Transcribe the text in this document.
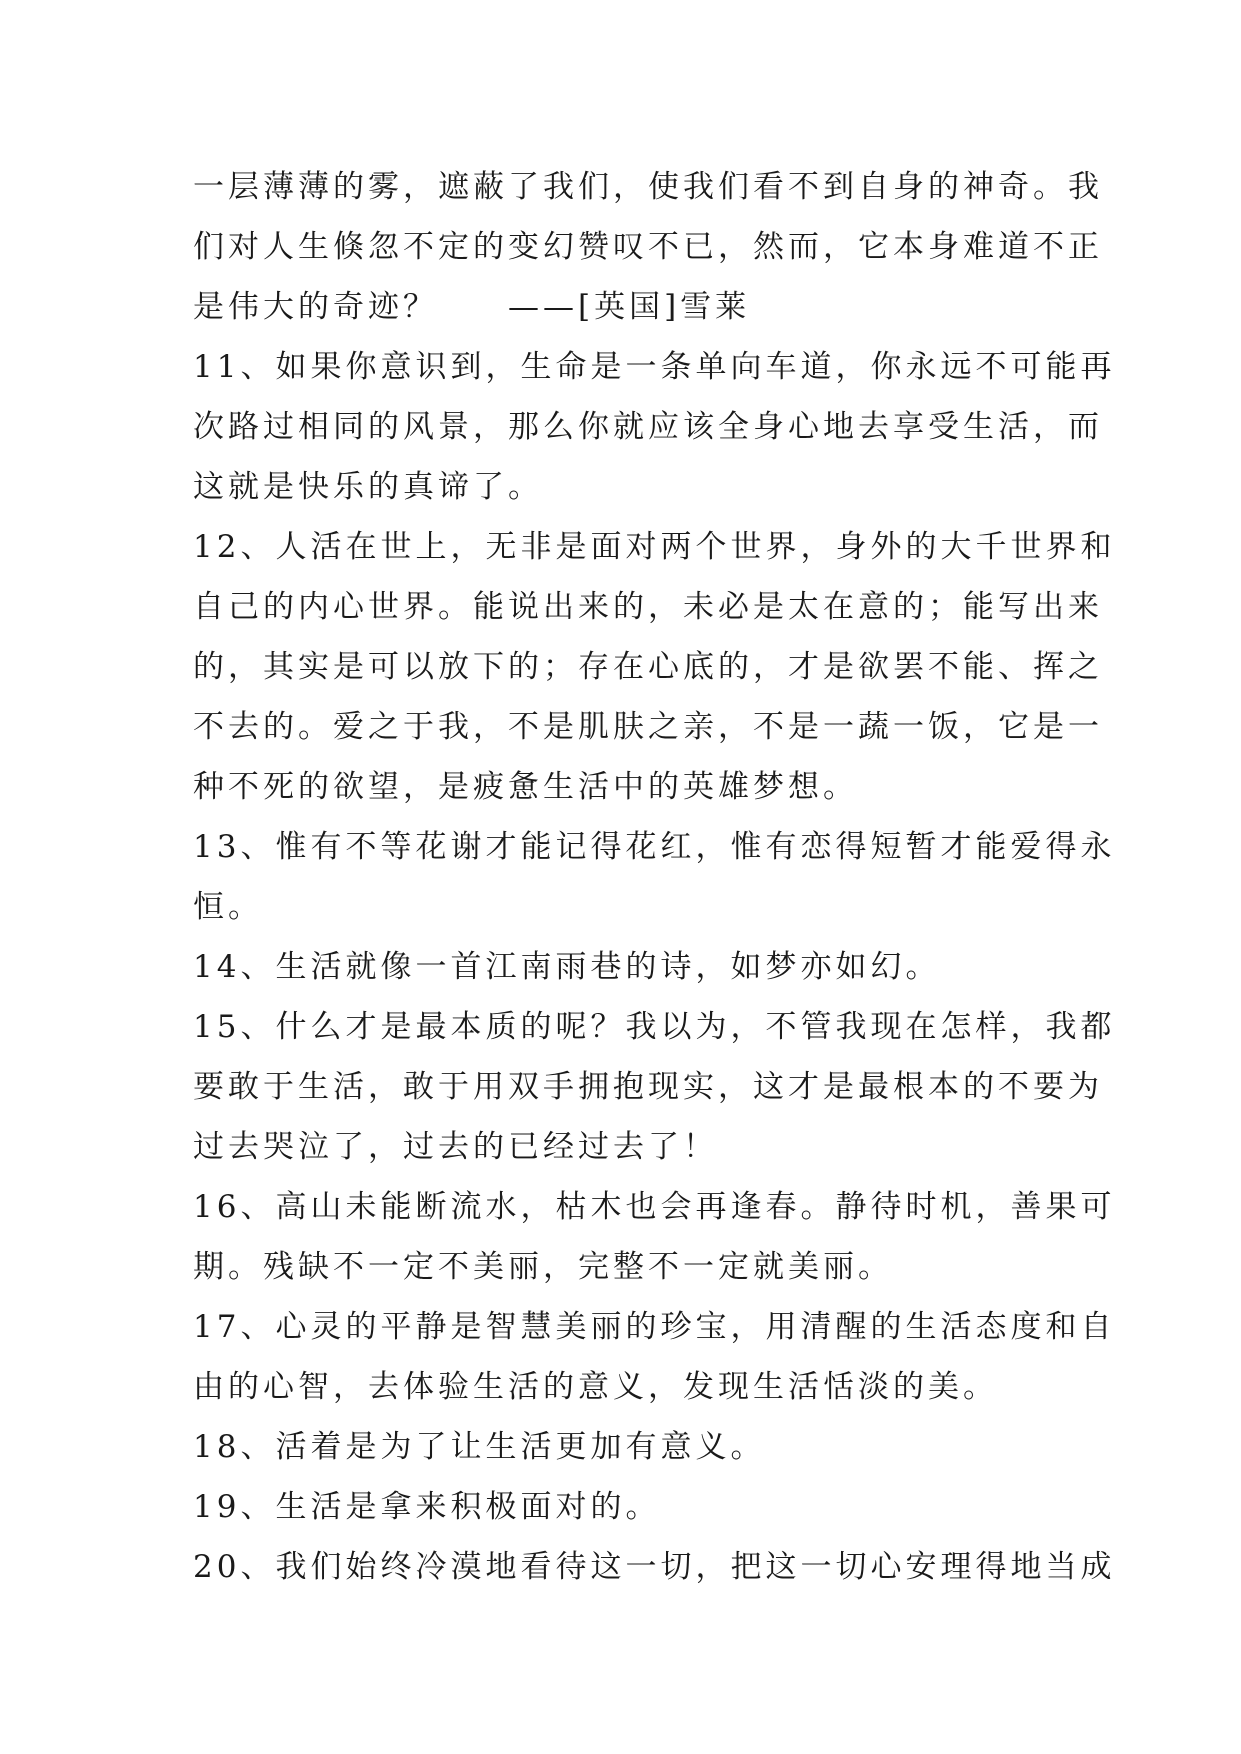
一层薄薄的雾，遮蔽了我们，使我们看不到自身的神奇。我
们对人生倏忽不定的变幻赞叹不已，然而，它本身难道不正
是伟大的奇迹？　　——[英国]雪莱
11、如果你意识到，生命是一条单向车道，你永远不可能再
次路过相同的风景，那么你就应该全身心地去享受生活，而
这就是快乐的真谛了。
12、人活在世上，无非是面对两个世界，身外的大千世界和
自己的内心世界。能说出来的，未必是太在意的；能写出来
的，其实是可以放下的；存在心底的，才是欲罢不能、挥之
不去的。爱之于我，不是肌肤之亲，不是一蔬一饭，它是一
种不死的欲望，是疲惫生活中的英雄梦想。
13、惟有不等花谢才能记得花红，惟有恋得短暂才能爱得永
恒。
14、生活就像一首江南雨巷的诗，如梦亦如幻。
15、什么才是最本质的呢？我以为，不管我现在怎样，我都
要敢于生活，敢于用双手拥抱现实，这才是最根本的不要为
过去哭泣了，过去的已经过去了！
16、高山未能断流水，枯木也会再逢春。静待时机，善果可
期。残缺不一定不美丽，完整不一定就美丽。
17、心灵的平静是智慧美丽的珍宝，用清醒的生活态度和自
由的心智，去体验生活的意义，发现生活恬淡的美。
18、活着是为了让生活更加有意义。
19、生活是拿来积极面对的。
20、我们始终冷漠地看待这一切，把这一切心安理得地当成
